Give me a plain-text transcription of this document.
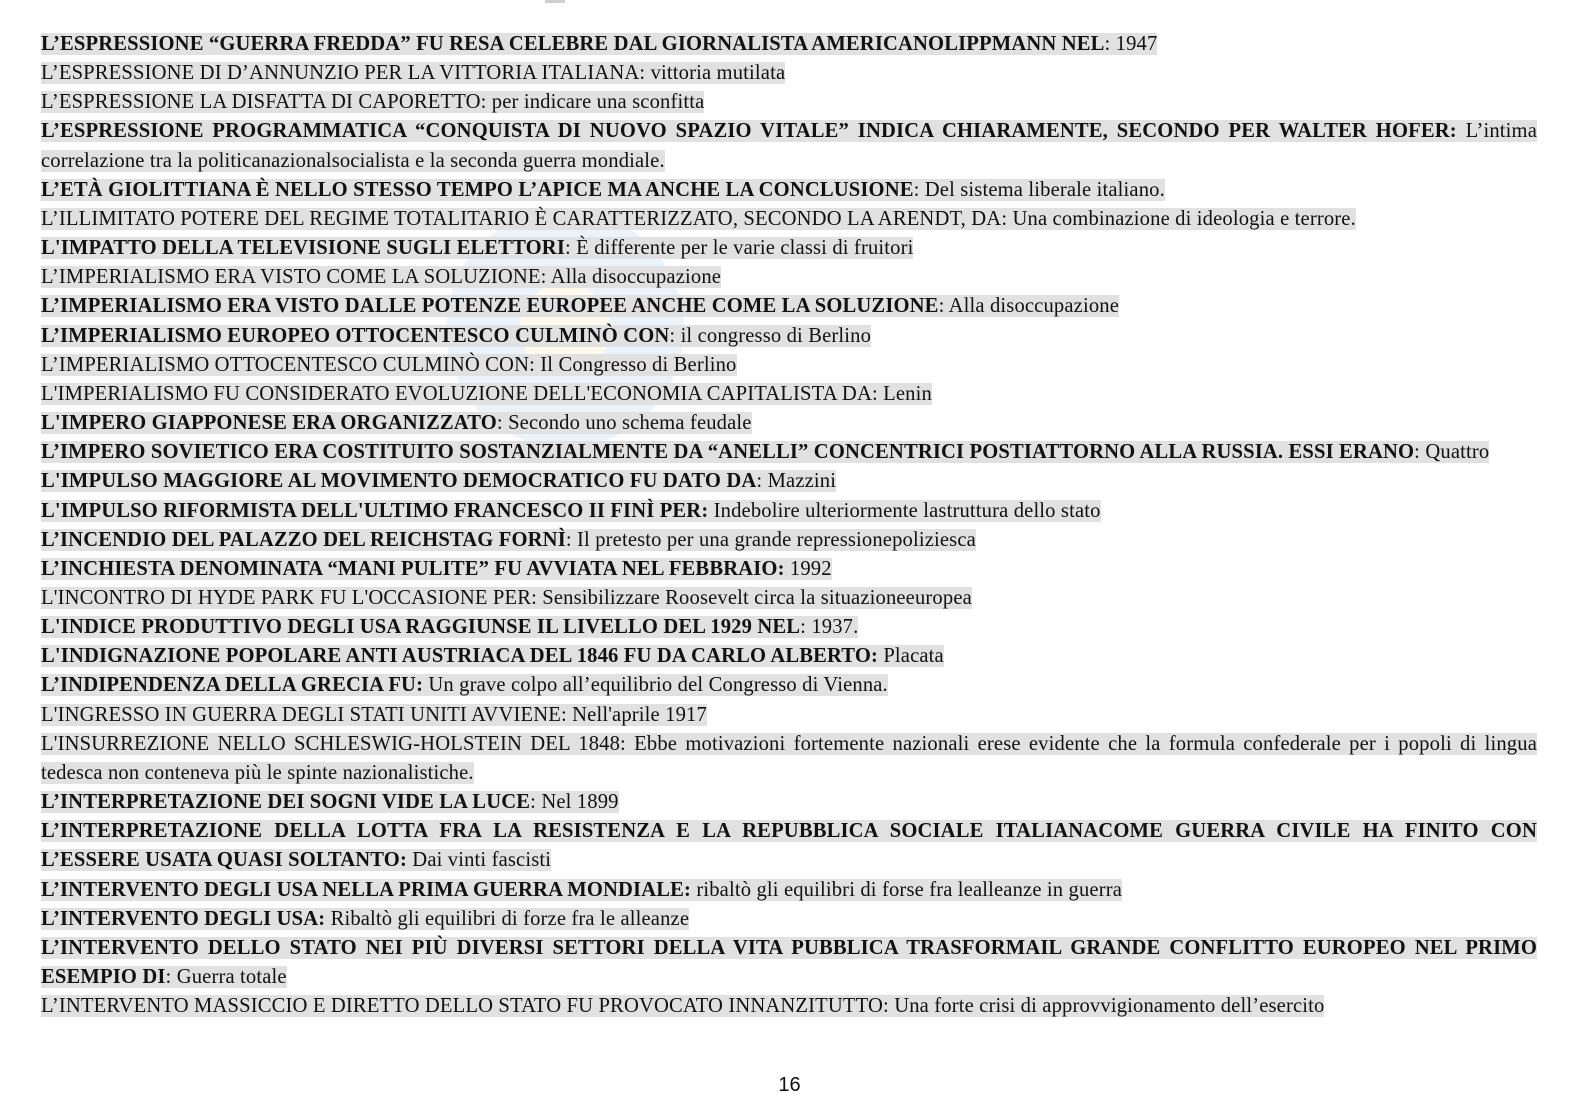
L’ESPRESSIONE “GUERRA FREDDA” FU RESA CELEBRE DAL GIORNALISTA AMERICANOLIPPMANN NEL: 1947

L’ESPRESSIONE DI D’ANNUNZIO PER LA VITTORIA ITALIANA: vittoria mutilata

L’ESPRESSIONE LA DISFATTA DI CAPORETTO: per indicare una sconfitta

L’ESPRESSIONE PROGRAMMATICA “CONQUISTA DI NUOVO SPAZIO VITALE” INDICA CHIARAMENTE, SECONDO PER WALTER HOFER: L’intima correlazione tra la politicanazionalsocialista e la seconda guerra mondiale.

L’ETÀ GIOLITTIANA È NELLO STESSO TEMPO L’APICE MA ANCHE LA CONCLUSIONE: Del sistema liberale italiano.

L’ILLIMITATO POTERE DEL REGIME TOTALITARIO È CARATTERIZZATO, SECONDO LA ARENDT, DA: Una combinazione di ideologia e terrore.

L'IMPATTO DELLA TELEVISIONE SUGLI ELETTORI: È differente per le varie classi di fruitori

L’IMPERIALISMO ERA VISTO COME LA SOLUZIONE: Alla disoccupazione

L’IMPERIALISMO ERA VISTO DALLE POTENZE EUROPEE ANCHE COME LA SOLUZIONE: Alla disoccupazione

L’IMPERIALISMO EUROPEO OTTOCENTESCO CULMINÒ CON: il congresso di Berlino

L’IMPERIALISMO OTTOCENTESCO CULMINÒ CON: Il Congresso di Berlino

L'IMPERIALISMO FU CONSIDERATO EVOLUZIONE DELL'ECONOMIA CAPITALISTA DA: Lenin

L'IMPERO GIAPPONESE ERA ORGANIZZATO: Secondo uno schema feudale

L’IMPERO SOVIETICO ERA COSTITUITO SOSTANZIALMENTE DA “ANELLI” CONCENTRICI POSTIATTORNO ALLA RUSSIA. ESSI ERANO: Quattro

L'IMPULSO MAGGIORE AL MOVIMENTO DEMOCRATICO FU DATO DA: Mazzini

L'IMPULSO RIFORMISTA DELL'ULTIMO FRANCESCO II FINÌ PER: Indebolire ulteriormente lastruttura dello stato

L’INCENDIO DEL PALAZZO DEL REICHSTAG FORNÌ: Il pretesto per una grande repressionepoliziesca

L’INCHIESTA DENOMINATA “MANI PULITE” FU AVVIATA NEL FEBBRAIO: 1992

L'INCONTRO DI HYDE PARK FU L'OCCASIONE PER: Sensibilizzare Roosevelt circa la situazioneeuropea

L'INDICE PRODUTTIVO DEGLI USA RAGGIUNSE IL LIVELLO DEL 1929 NEL: 1937.

L'INDIGNAZIONE POPOLARE ANTI AUSTRIACA DEL 1846 FU DA CARLO ALBERTO: Placata

L’INDIPENDENZA DELLA GRECIA FU: Un grave colpo all’equilibrio del Congresso di Vienna.

L'INGRESSO IN GUERRA DEGLI STATI UNITI AVVIENE: Nell'aprile 1917

L'INSURREZIONE NELLO SCHLESWIG-HOLSTEIN DEL 1848: Ebbe motivazioni fortemente nazionali erese evidente che la formula confederale per i popoli di lingua tedesca non conteneva più le spinte nazionalistiche.

L’INTERPRETAZIONE DEI SOGNI VIDE LA LUCE: Nel 1899

L’INTERPRETAZIONE DELLA LOTTA FRA LA RESISTENZA E LA REPUBBLICA SOCIALE ITALIANACOME GUERRA CIVILE HA FINITO CON L’ESSERE USATA QUASI SOLTANTO: Dai vinti fascisti

L’INTERVENTO DEGLI USA NELLA PRIMA GUERRA MONDIALE: ribaltò gli equilibri di forse fra lealleanze in guerra

L’INTERVENTO DEGLI USA: Ribaltò gli equilibri di forze fra le alleanze

L’INTERVENTO DELLO STATO NEI PIÙ DIVERSI SETTORI DELLA VITA PUBBLICA TRASFORMAIL GRANDE CONFLITTO EUROPEO NEL PRIMO ESEMPIO DI: Guerra totale

L’INTERVENTO MASSICCIO E DIRETTO DELLO STATO FU PROVOCATO INNANZITUTTO: Una forte crisi di approvvigionamento dell’esercito

16
